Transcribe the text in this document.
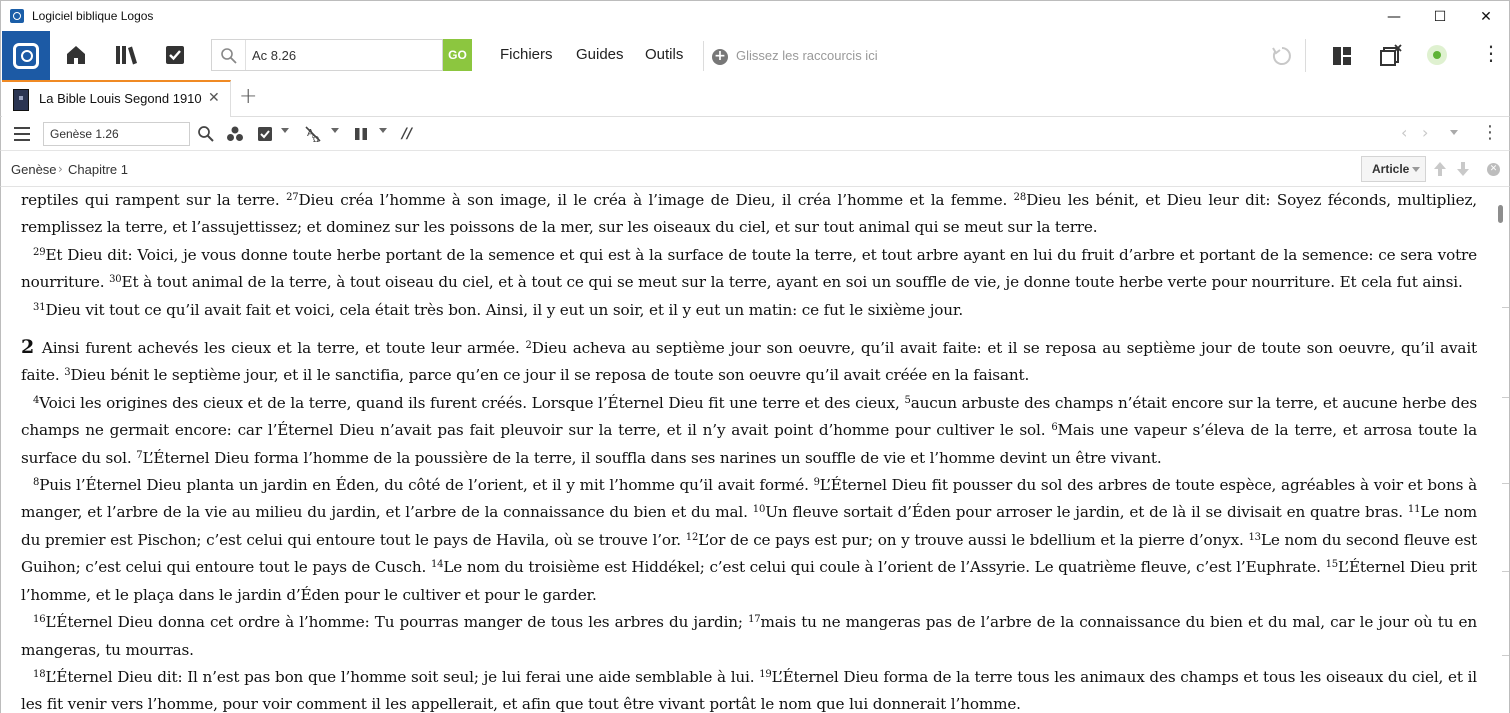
Logiciel biblique Logos	—	☐	✕
Ac 8.26
GO	Fichiers Guides Outils + Glissez les raccourcis ici	⋮
La Bible Louis Segond 1910 ✕ +
Genèse 1.26
Ą
Ω	//	‹ ›	⋮
Genèse › Chapitre 1	Article	✕

reptiles qui rampent sur la terre. $^{27}$Dieu créa l’homme à son image, il le créa à l’image de Dieu, il créa l’homme et la femme. $^{28}$Dieu les bénit, et Dieu leur dit: Soyez féconds, multipliez, remplissez la terre, et l’assujettissez; et dominez sur les poissons de la mer, sur les oiseaux du ciel, et sur tout animal qui se meut sur la terre.

$^{29}$Et Dieu dit: Voici, je vous donne toute herbe portant de la semence et qui est à la surface de toute la terre, et tout arbre ayant en lui du fruit d’arbre et portant de la semence: ce sera votre nourriture. $^{30}$Et à tout animal de la terre, à tout oiseau du ciel, et à tout ce qui se meut sur la terre, ayant en soi un souffle de vie, je donne toute herbe verte pour nourriture. Et cela fut ainsi.

$^{31}$Dieu vit tout ce qu’il avait fait et voici, cela était très bon. Ainsi, il y eut un soir, et il y eut un matin: ce fut le sixième jour.

2 Ainsi furent achevés les cieux et la terre, et toute leur armée. $^2$Dieu acheva au septième jour son oeuvre, qu’il avait faite: et il se reposa au septième jour de toute son oeuvre, qu’il avait faite. $^3$Dieu bénit le septième jour, et il le sanctifia, parce qu’en ce jour il se reposa de toute son oeuvre qu’il avait créée en la faisant.

$^4$Voici les origines des cieux et de la terre, quand ils furent créés. Lorsque l’Éternel Dieu fit une terre et des cieux, $^5$aucun arbuste des champs n’était encore sur la terre, et aucune herbe des champs ne germait encore: car l’Éternel Dieu n’avait pas fait pleuvoir sur la terre, et il n’y avait point d’homme pour cultiver le sol. $^6$Mais une vapeur s’éleva de la terre, et arrosa toute la surface du sol. $^7$L’Éternel Dieu forma l’homme de la poussière de la terre, il souffla dans ses narines un souffle de vie et l’homme devint un être vivant.

$^8$Puis l’Éternel Dieu planta un jardin en Éden, du côté de l’orient, et il y mit l’homme qu’il avait formé. $^9$L’Éternel Dieu fit pousser du sol des arbres de toute espèce, agréables à voir et bons à manger, et l’arbre de la vie au milieu du jardin, et l’arbre de la connaissance du bien et du mal. $^{10}$Un fleuve sortait d’Éden pour arroser le jardin, et de là il se divisait en quatre bras. $^{11}$Le nom du premier est Pischon; c’est celui qui entoure tout le pays de Havila, où se trouve l’or. $^{12}$L’or de ce pays est pur; on y trouve aussi le bdellium et la pierre d’onyx. $^{13}$Le nom du second fleuve est Guihon; c’est celui qui entoure tout le pays de Cusch. $^{14}$Le nom du troisième est Hiddékel; c’est celui qui coule à l’orient de l’Assyrie. Le quatrième fleuve, c’est l’Euphrate. $^{15}$L’Éternel Dieu prit l’homme, et le plaça dans le jardin d’Éden pour le cultiver et pour le garder.

$^{16}$L’Éternel Dieu donna cet ordre à l’homme: Tu pourras manger de tous les arbres du jardin; $^{17}$mais tu ne mangeras pas de l’arbre de la connaissance du bien et du mal, car le jour où tu en mangeras, tu mourras.

$^{18}$L’Éternel Dieu dit: Il n’est pas bon que l’homme soit seul; je lui ferai une aide semblable à lui. $^{19}$L’Éternel Dieu forma de la terre tous les animaux des champs et tous les oiseaux du ciel, et il les fit venir vers l’homme, pour voir comment il les appellerait, et afin que tout être vivant portât le nom que lui donnerait l’homme.
